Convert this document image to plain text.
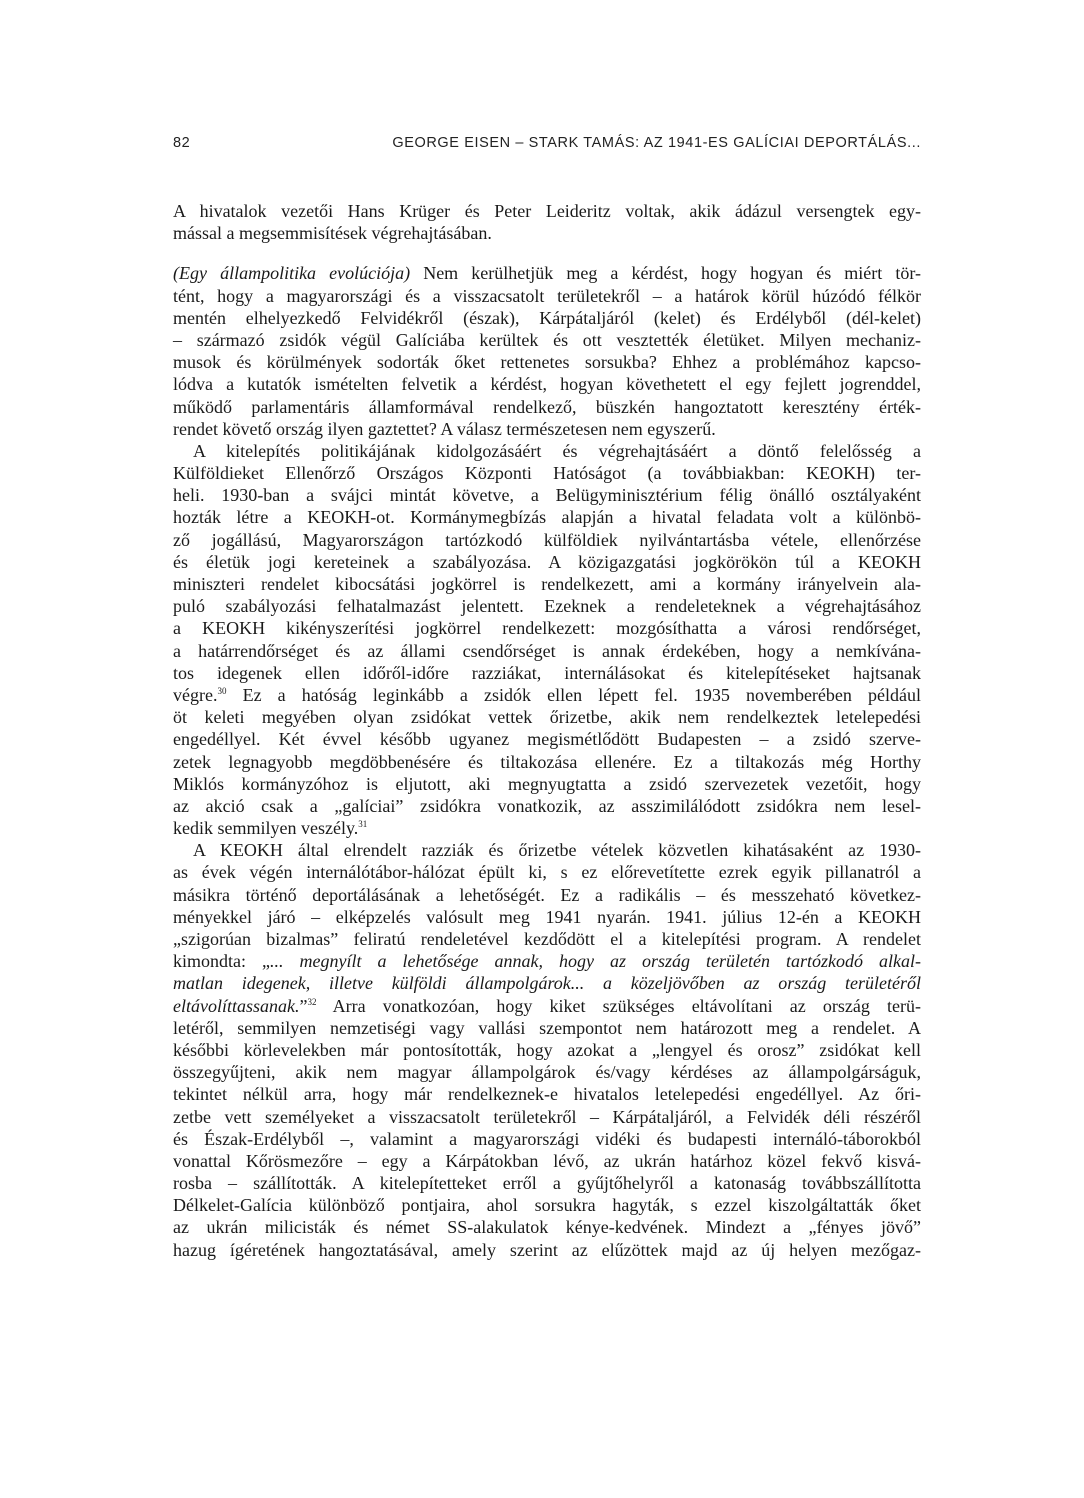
82	GEORGE EISEN – STARK TAMÁS: AZ 1941-ES GALÍCIAI DEPORTÁLÁS...
A hivatalok vezetői Hans Krüger és Peter Leideritz voltak, akik ádázul versengtek egy-
mással a megsemmisítések végrehajtásában.
(Egy állampolitika evolúciója) Nem kerülhetjük meg a kérdést, hogy hogyan és miért tör-
tént, hogy a magyarországi és a visszacsatolt területekről – a határok körül húzódó félkör
mentén elhelyezkedő Felvidékről (észak), Kárpátaljáról (kelet) és Erdélyből (dél-kelet)
– származó zsidók végül Galíciába kerültek és ott vesztették életüket. Milyen mechaniz-
musok és körülmények sodorták őket rettenetes sorsukba? Ehhez a problémához kapcso-
lódva a kutatók ismételten felvetik a kérdést, hogyan követhetett el egy fejlett jogrenddel,
működő parlamentáris államformával rendelkező, büszkén hangoztatott keresztény érték-
rendet követő ország ilyen gaztettet? A válasz természetesen nem egyszerű.
A kitelepítés politikájának kidolgozásáért és végrehajtásáért a döntő felelősség a
Külföldieket Ellenőrző Országos Központi Hatóságot (a továbbiakban: KEOKH) ter-
heli. 1930-ban a svájci mintát követve, a Belügyminisztérium félig önálló osztályaként
hozták létre a KEOKH-ot. Kormánymegbízás alapján a hivatal feladata volt a különbö-
ző jogállású, Magyarországon tartózkodó külföldiek nyilvántartásba vétele, ellenőrzése
és életük jogi kereteinek a szabályozása. A közigazgatási jogkörökön túl a KEOKH
miniszteri rendelet kibocsátási jogkörrel is rendelkezett, ami a kormány irányelvein ala-
puló szabályozási felhatalmazást jelentett. Ezeknek a rendeleteknek a végrehajtásához
a KEOKH kikényszerítési jogkörrel rendelkezett: mozgósíthatta a városi rendőrséget,
a határrendőrséget és az állami csendőrséget is annak érdekében, hogy a nemkívána-
tos idegenek ellen időről-időre razziákat, internálásokat és kitelepítéseket hajtsanak
végre.$^{30}$ Ez a hatóság leginkább a zsidók ellen lépett fel. 1935 novemberében például
öt keleti megyében olyan zsidókat vettek őrizetbe, akik nem rendelkeztek letelepedési
engedéllyel. Két évvel később ugyanez megismétlődött Budapesten – a zsidó szerve-
zetek legnagyobb megdöbbenésére és tiltakozása ellenére. Ez a tiltakozás még Horthy
Miklós kormányzóhoz is eljutott, aki megnyugtatta a zsidó szervezetek vezetőit, hogy
az akció csak a „galíciai” zsidókra vonatkozik, az asszimilálódott zsidókra nem lesel-
kedik semmilyen veszély.$^{31}$
A KEOKH által elrendelt razziák és őrizetbe vételek közvetlen kihatásaként az 1930-
as évek végén internálótábor-hálózat épült ki, s ez előrevetítette ezrek egyik pillanatról a
másikra történő deportálásának a lehetőségét. Ez a radikális – és messzeható következ-
ményekkel járó – elképzelés valósult meg 1941 nyarán. 1941. július 12-én a KEOKH
„szigorúan bizalmas” feliratú rendeletével kezdődött el a kitelepítési program. A rendelet
kimondta: „... megnyílt a lehetősége annak, hogy az ország területén tartózkodó alkal-
matlan idegenek, illetve külföldi állampolgárok... a közeljövőben az ország területéről
eltávolíttassanak.”$^{32}$ Arra vonatkozóan, hogy kiket szükséges eltávolítani az ország terü-
letéről, semmilyen nemzetiségi vagy vallási szempontot nem határozott meg a rendelet. A
későbbi körlevelekben már pontosították, hogy azokat a „lengyel és orosz” zsidókat kell
összegyűjteni, akik nem magyar állampolgárok és/vagy kérdéses az állampolgárságuk,
tekintet nélkül arra, hogy már rendelkeznek-e hivatalos letelepedési engedéllyel. Az őri-
zetbe vett személyeket a visszacsatolt területekről – Kárpátaljáról, a Felvidék déli részéről
és Észak-Erdélyből –, valamint a magyarországi vidéki és budapesti internáló-táborokból
vonattal Kőrösmezőre – egy a Kárpátokban lévő, az ukrán határhoz közel fekvő kisvá-
rosba – szállították. A kitelepítetteket erről a gyűjtőhelyről a katonaság továbbszállította
Délkelet-Galícia különböző pontjaira, ahol sorsukra hagyták, s ezzel kiszolgáltatták őket
az ukrán milicisták és német SS-alakulatok kénye-kedvének. Mindezt a „fényes jövő”
hazug ígéretének hangoztatásával, amely szerint az elűzöttek majd az új helyen mezőgaz-
